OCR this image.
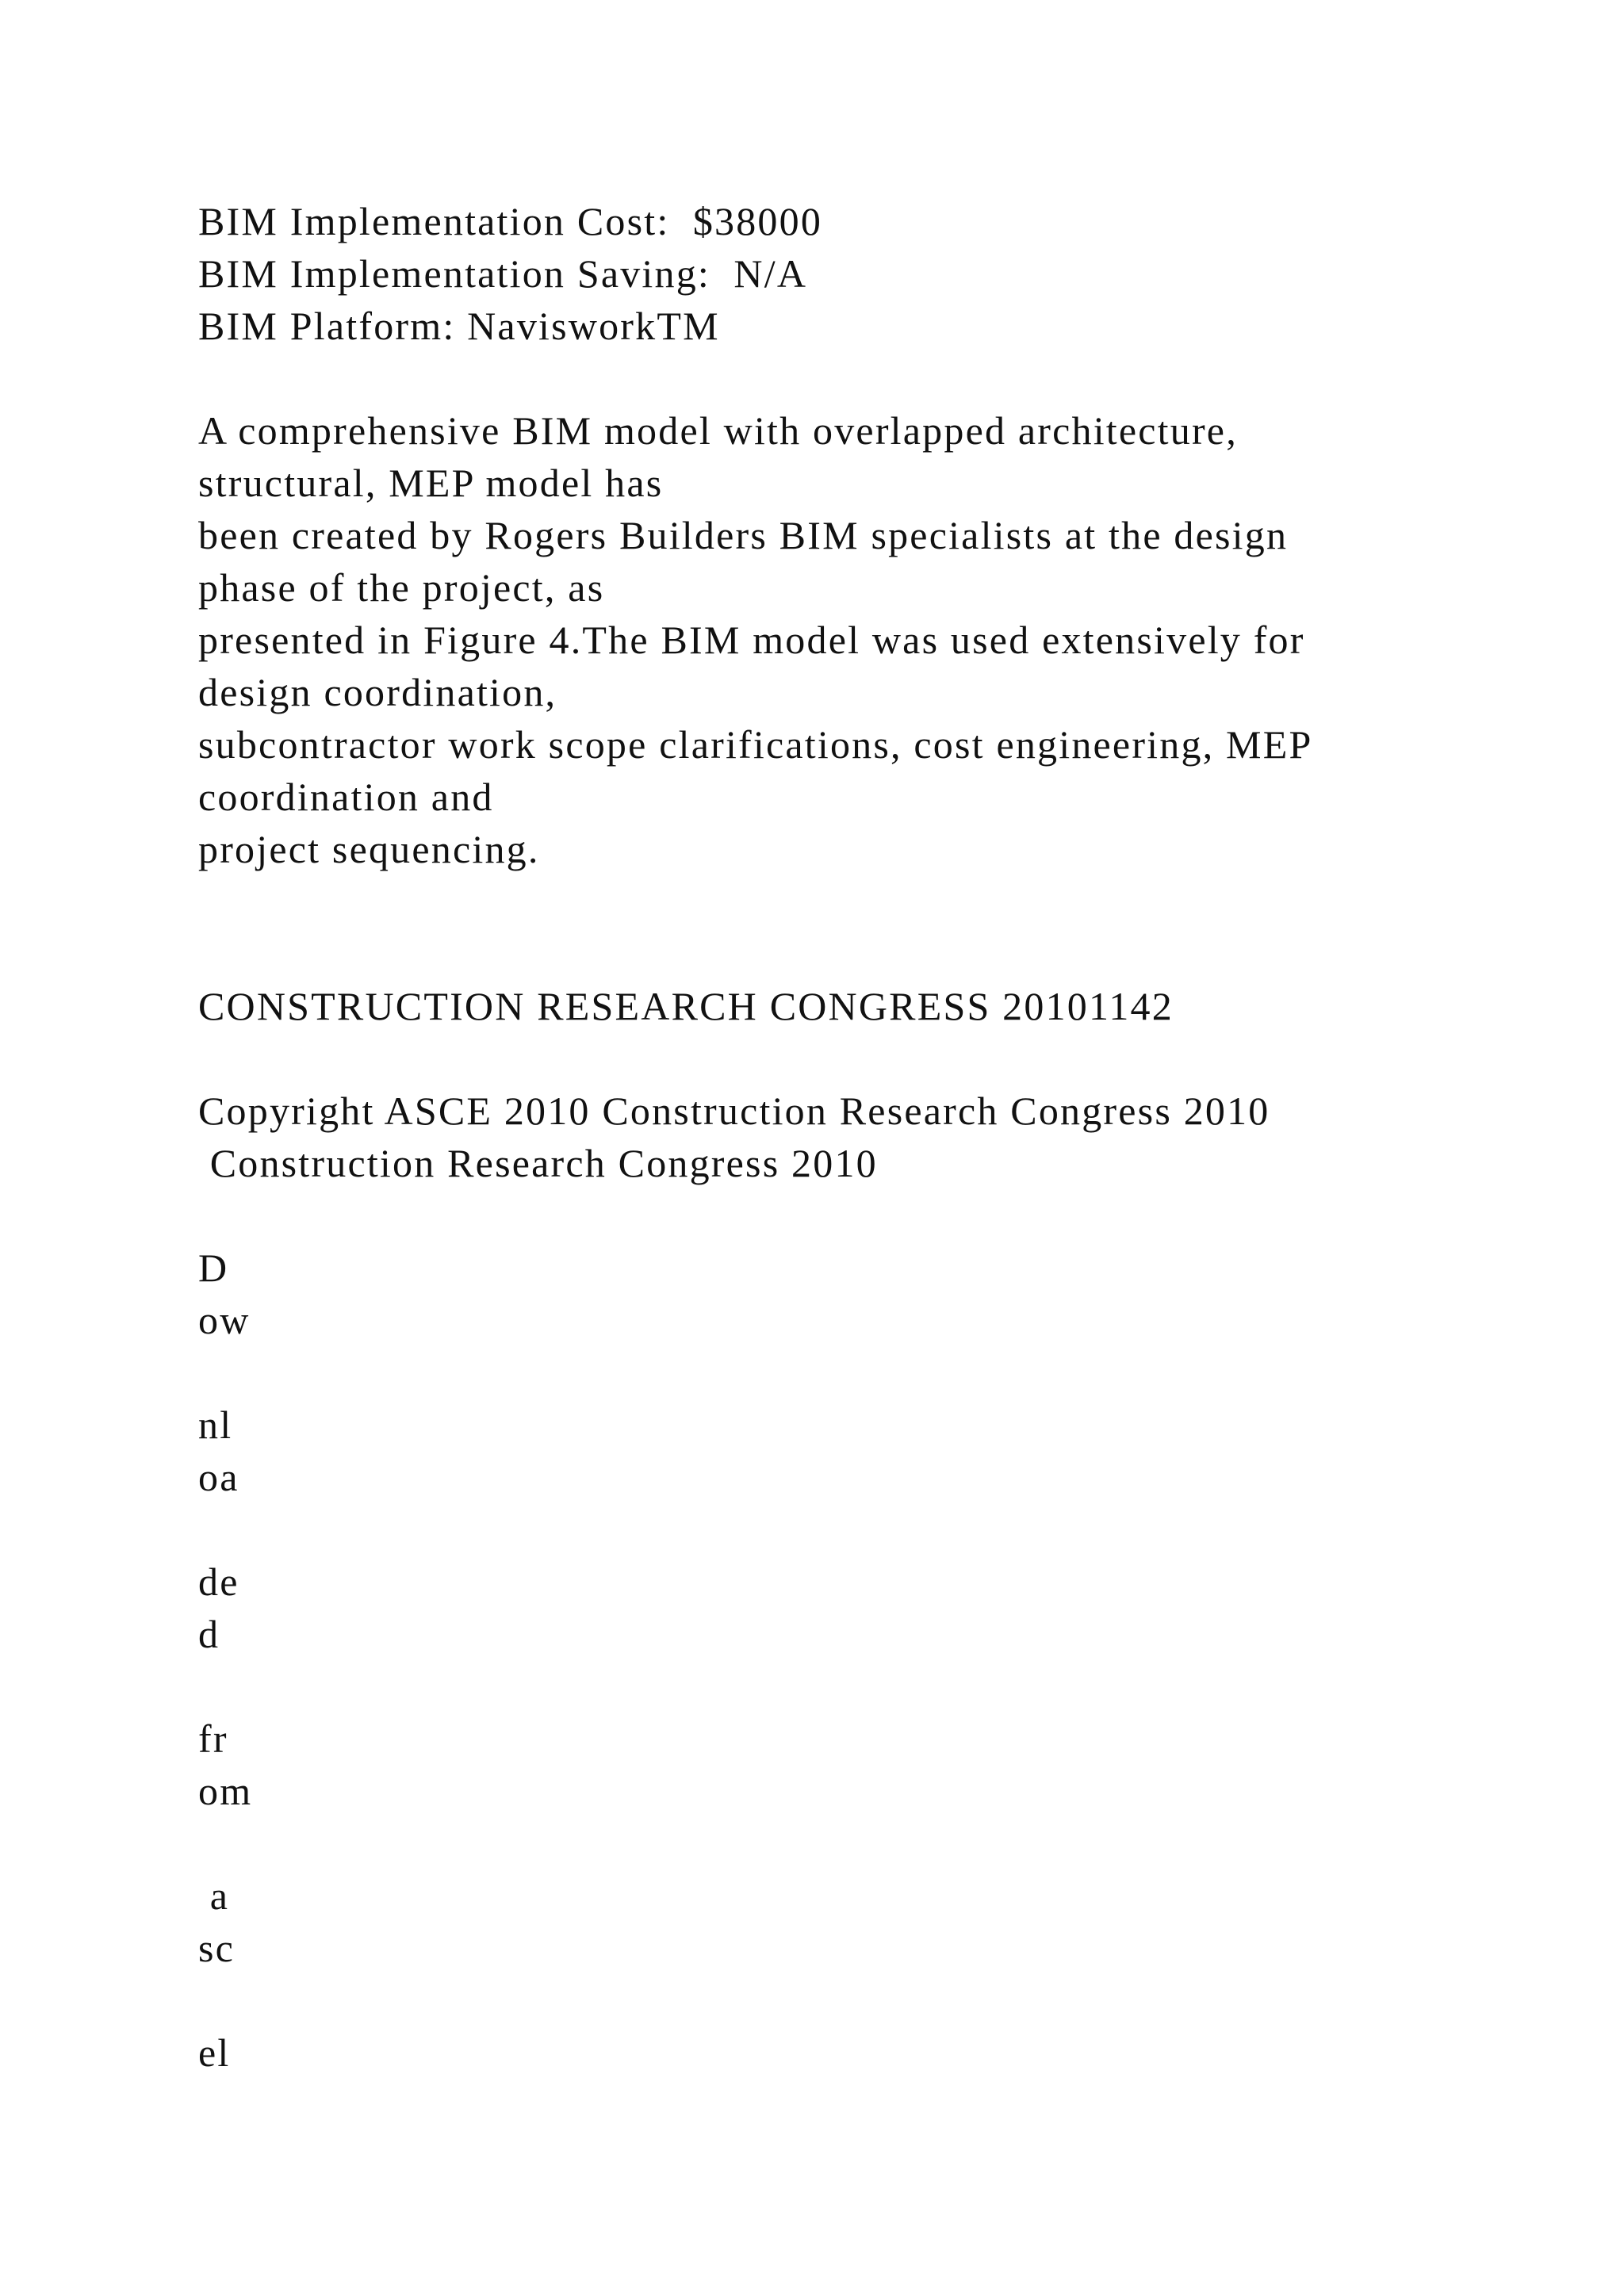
BIM Implementation Cost:  $38000
BIM Implementation Saving:  N/A
BIM Platform: NavisworkTM
A comprehensive BIM model with overlapped architecture,
structural, MEP model has
been created by Rogers Builders BIM specialists at the design
phase of the project, as
presented in Figure 4.The BIM model was used extensively for
design coordination,
subcontractor work scope clarifications, cost engineering, MEP
coordination and
project sequencing.
CONSTRUCTION RESEARCH CONGRESS 20101142
Copyright ASCE 2010 Construction Research Congress 2010
Construction Research Congress 2010
D
ow
nl
oa
de
d
fr
om
a
sc
el
